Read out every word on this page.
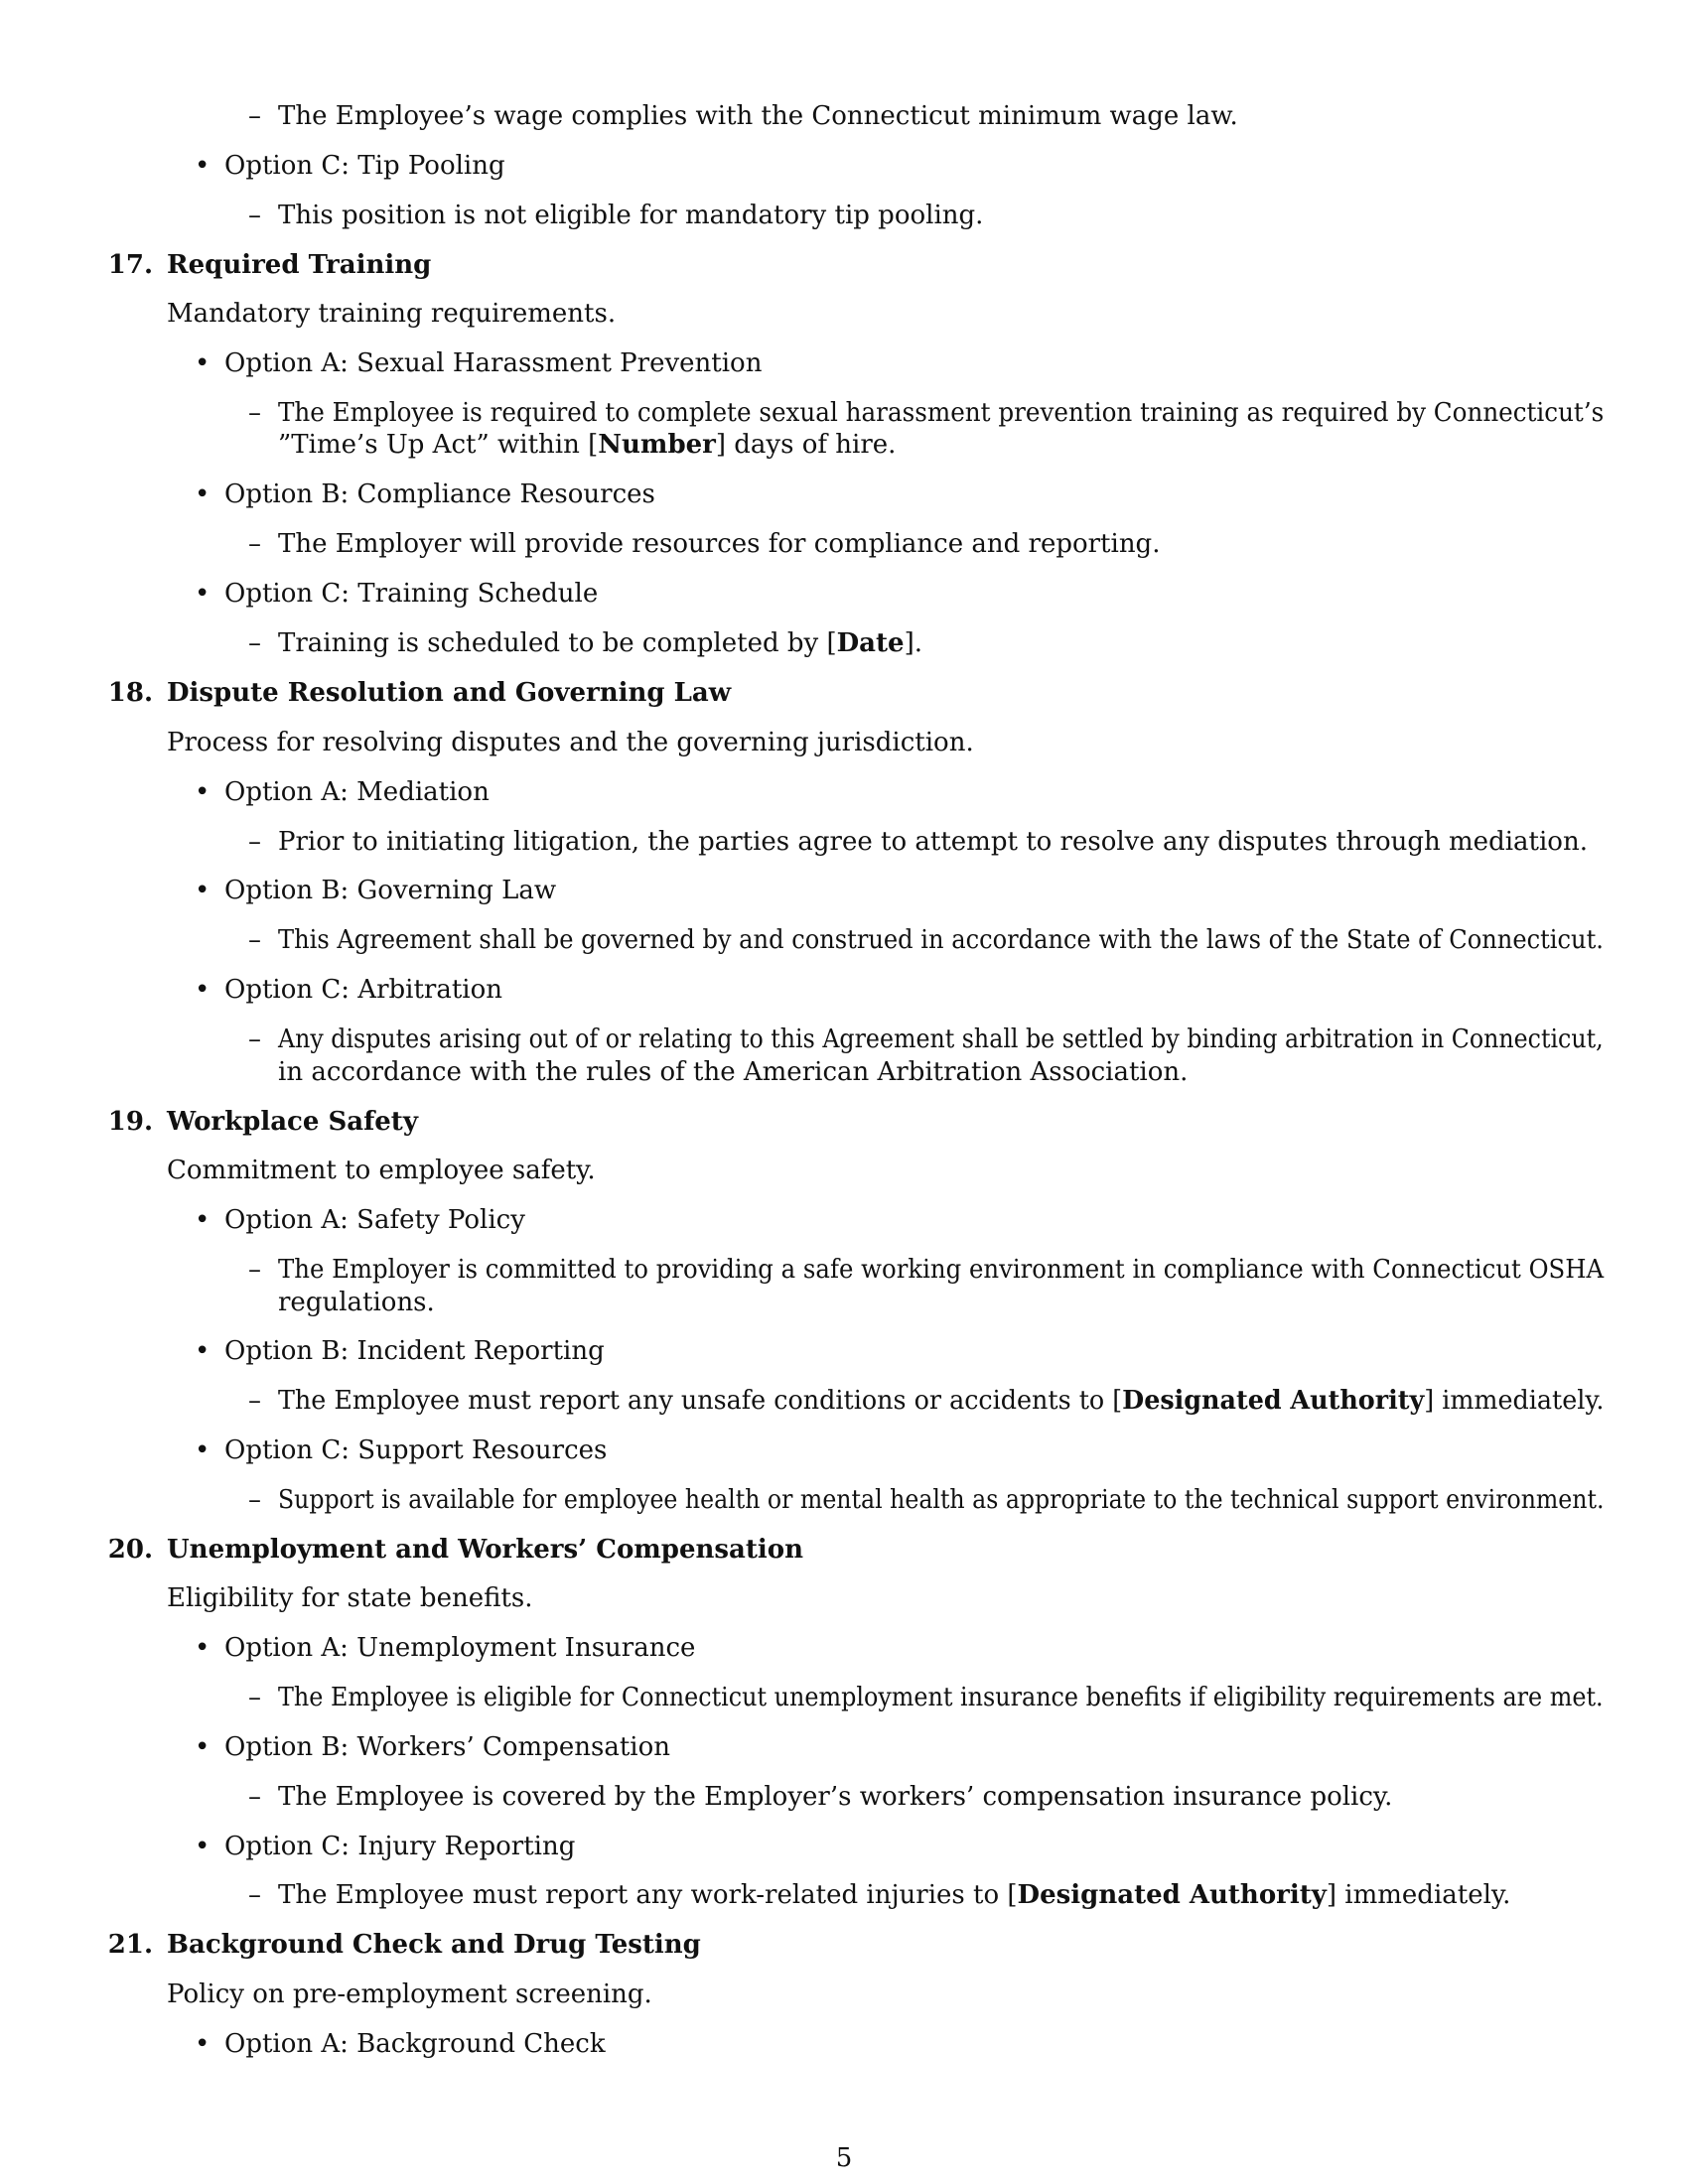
– The Employee’s wage complies with the Connecticut minimum wage law.
• Option C: Tip Pooling
– This position is not eligible for mandatory tip pooling.
17. Required Training
Mandatory training requirements.
• Option A: Sexual Harassment Prevention
– The Employee is required to complete sexual harassment prevention training as required by Connecticut’s
”Time’s Up Act” within [Number] days of hire.
• Option B: Compliance Resources
– The Employer will provide resources for compliance and reporting.
• Option C: Training Schedule
– Training is scheduled to be completed by [Date].
18. Dispute Resolution and Governing Law
Process for resolving disputes and the governing jurisdiction.
• Option A: Mediation
– Prior to initiating litigation, the parties agree to attempt to resolve any disputes through mediation.
• Option B: Governing Law
– This Agreement shall be governed by and construed in accordance with the laws of the State of Connecticut.
• Option C: Arbitration
– Any disputes arising out of or relating to this Agreement shall be settled by binding arbitration in Connecticut,
in accordance with the rules of the American Arbitration Association.
19. Workplace Safety
Commitment to employee safety.
• Option A: Safety Policy
– The Employer is committed to providing a safe working environment in compliance with Connecticut OSHA
regulations.
• Option B: Incident Reporting
– The Employee must report any unsafe conditions or accidents to [Designated Authority] immediately.
• Option C: Support Resources
– Support is available for employee health or mental health as appropriate to the technical support environment.
20. Unemployment and Workers’ Compensation
Eligibility for state benefits.
• Option A: Unemployment Insurance
– The Employee is eligible for Connecticut unemployment insurance benefits if eligibility requirements are met.
• Option B: Workers’ Compensation
– The Employee is covered by the Employer’s workers’ compensation insurance policy.
• Option C: Injury Reporting
– The Employee must report any work-related injuries to [Designated Authority] immediately.
21. Background Check and Drug Testing
Policy on pre-employment screening.
• Option A: Background Check
5
